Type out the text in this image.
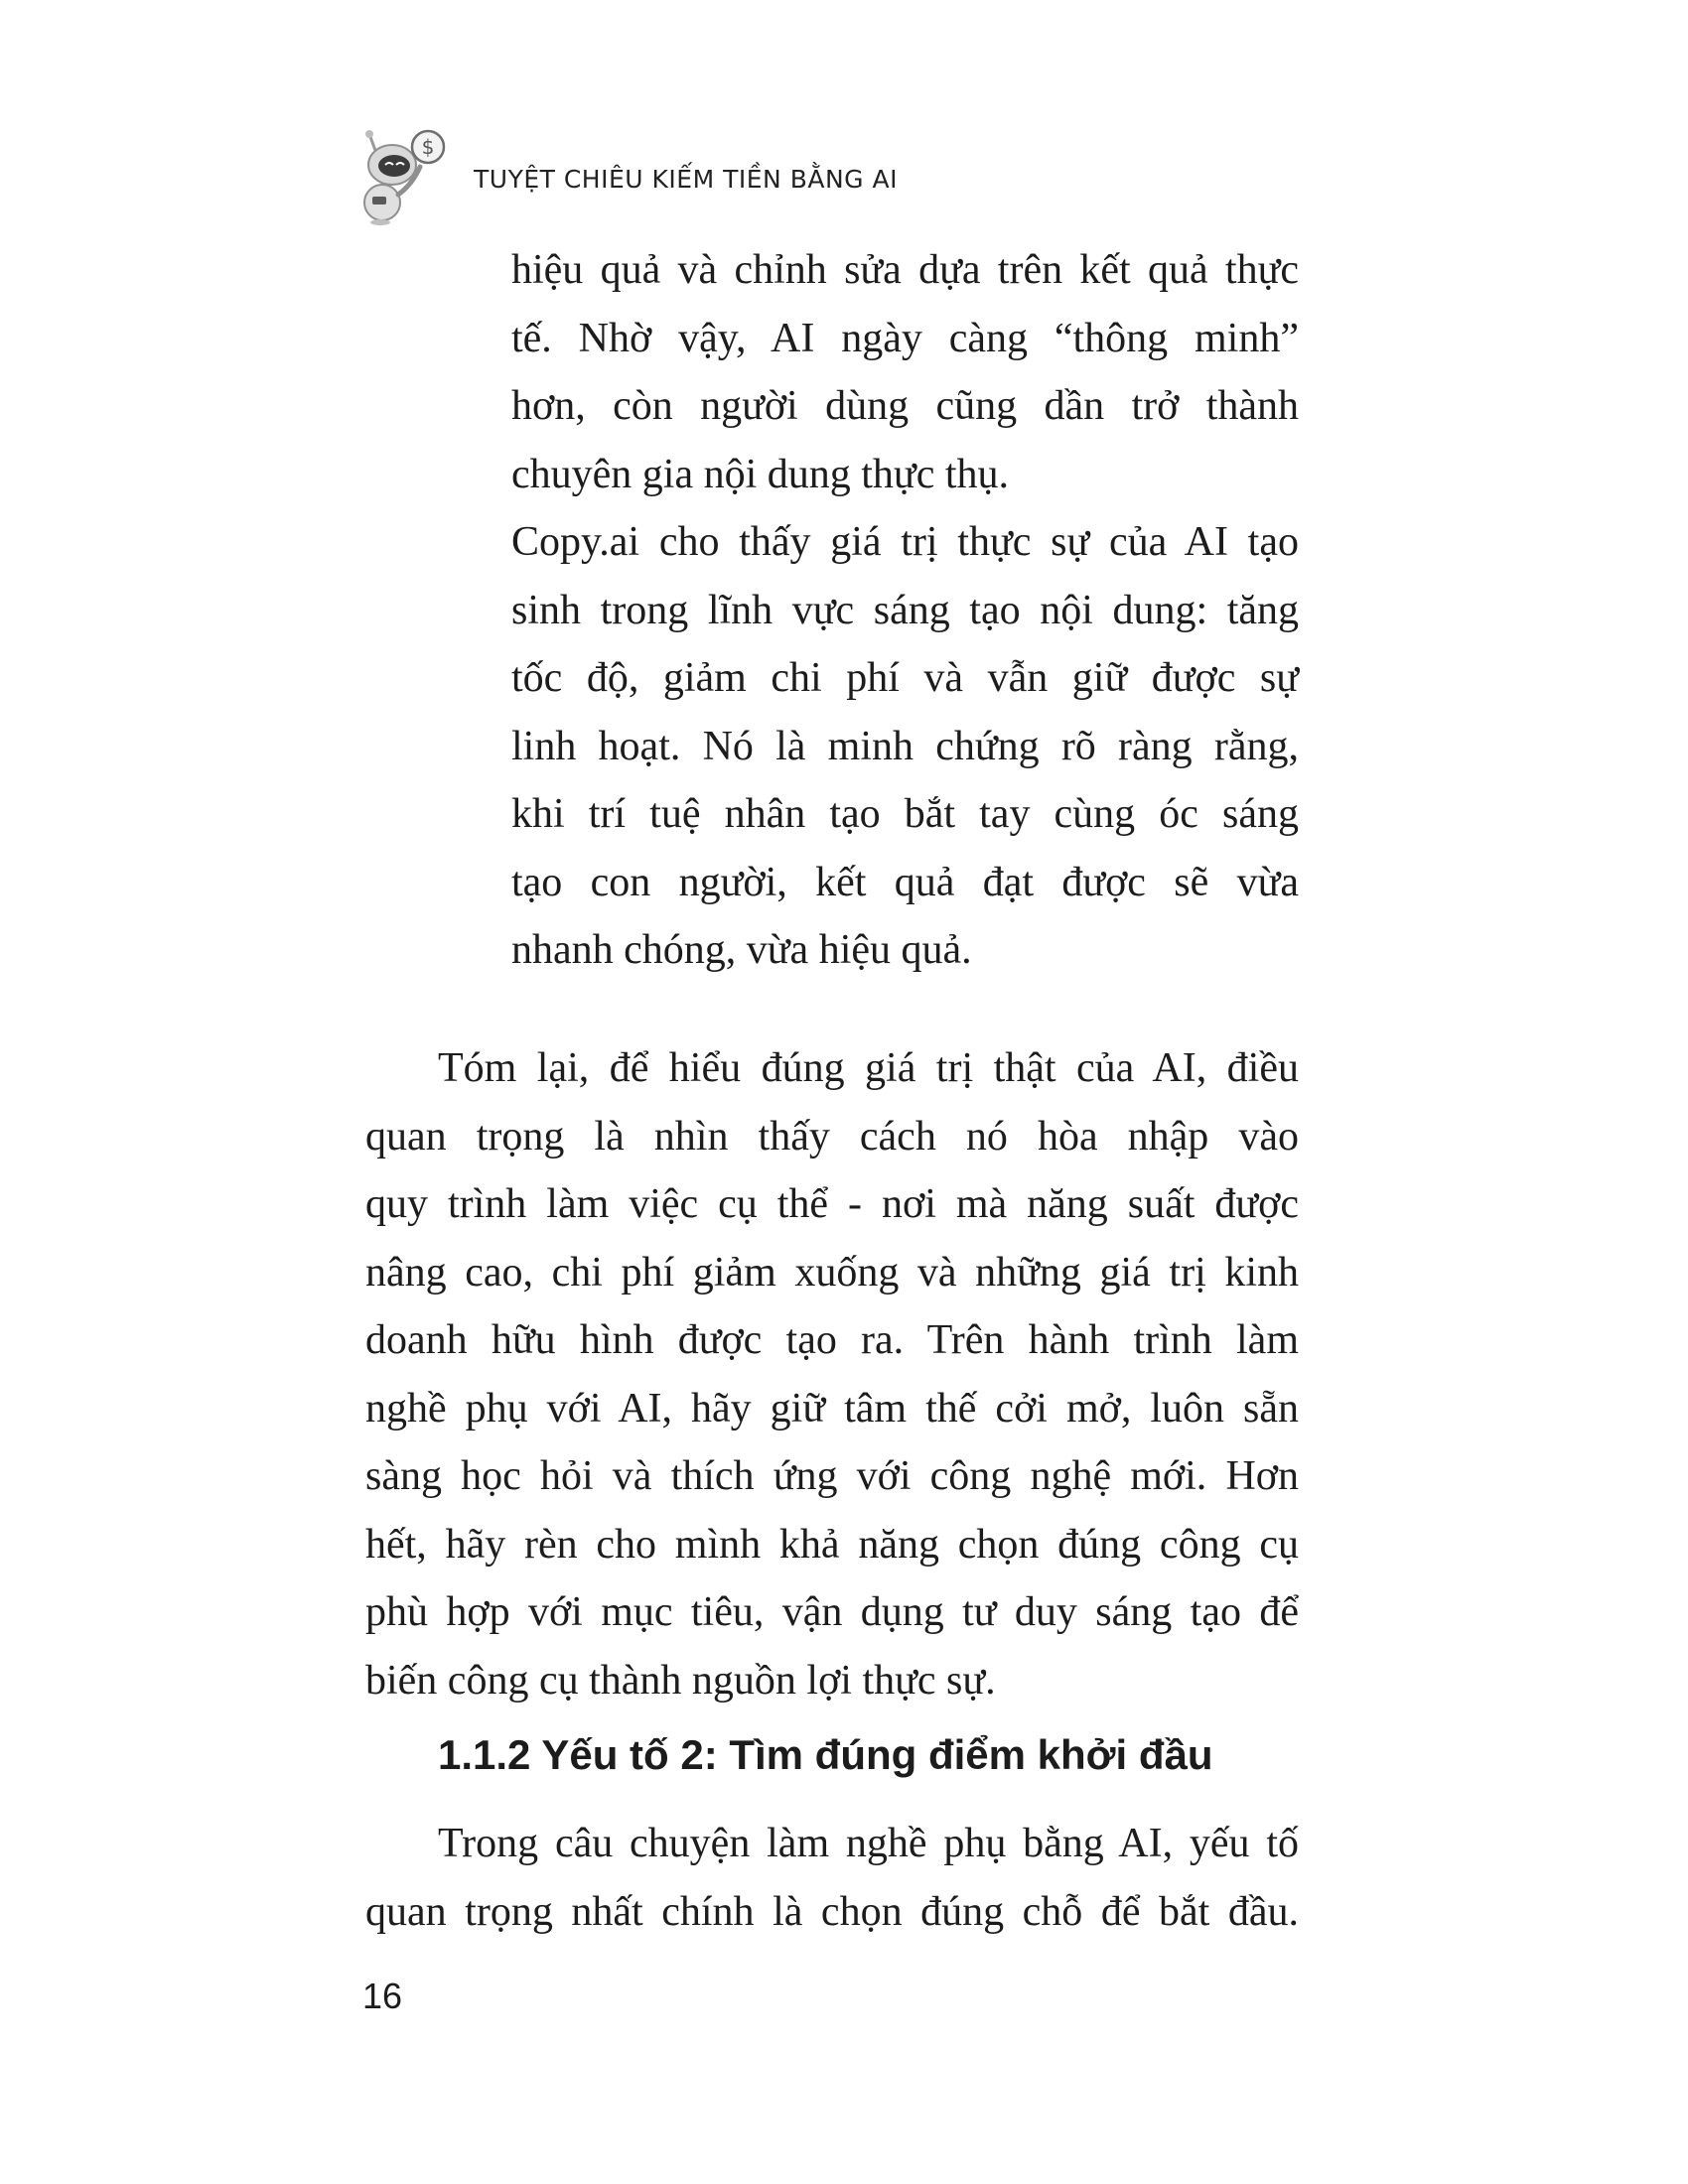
$
TUYỆT CHIÊU KIẾM TIỀN BẰNG AI
hiệu quả và chỉnh sửa dựa trên kết quả thực
tế. Nhờ vậy, AI ngày càng “thông minh”
hơn, còn người dùng cũng dần trở thành
chuyên gia nội dung thực thụ.
Copy.ai cho thấy giá trị thực sự của AI tạo
sinh trong lĩnh vực sáng tạo nội dung: tăng
tốc độ, giảm chi phí và vẫn giữ được sự
linh hoạt. Nó là minh chứng rõ ràng rằng,
khi trí tuệ nhân tạo bắt tay cùng óc sáng
tạo con người, kết quả đạt được sẽ vừa
nhanh chóng, vừa hiệu quả.
Tóm lại, để hiểu đúng giá trị thật của AI, điều
quan trọng là nhìn thấy cách nó hòa nhập vào
quy trình làm việc cụ thể - nơi mà năng suất được
nâng cao, chi phí giảm xuống và những giá trị kinh
doanh hữu hình được tạo ra. Trên hành trình làm
nghề phụ với AI, hãy giữ tâm thế cởi mở, luôn sẵn
sàng học hỏi và thích ứng với công nghệ mới. Hơn
hết, hãy rèn cho mình khả năng chọn đúng công cụ
phù hợp với mục tiêu, vận dụng tư duy sáng tạo để
biến công cụ thành nguồn lợi thực sự.
1.1.2 Yếu tố 2: Tìm đúng điểm khởi đầu
Trong câu chuyện làm nghề phụ bằng AI, yếu tố
quan trọng nhất chính là chọn đúng chỗ để bắt đầu.
16
